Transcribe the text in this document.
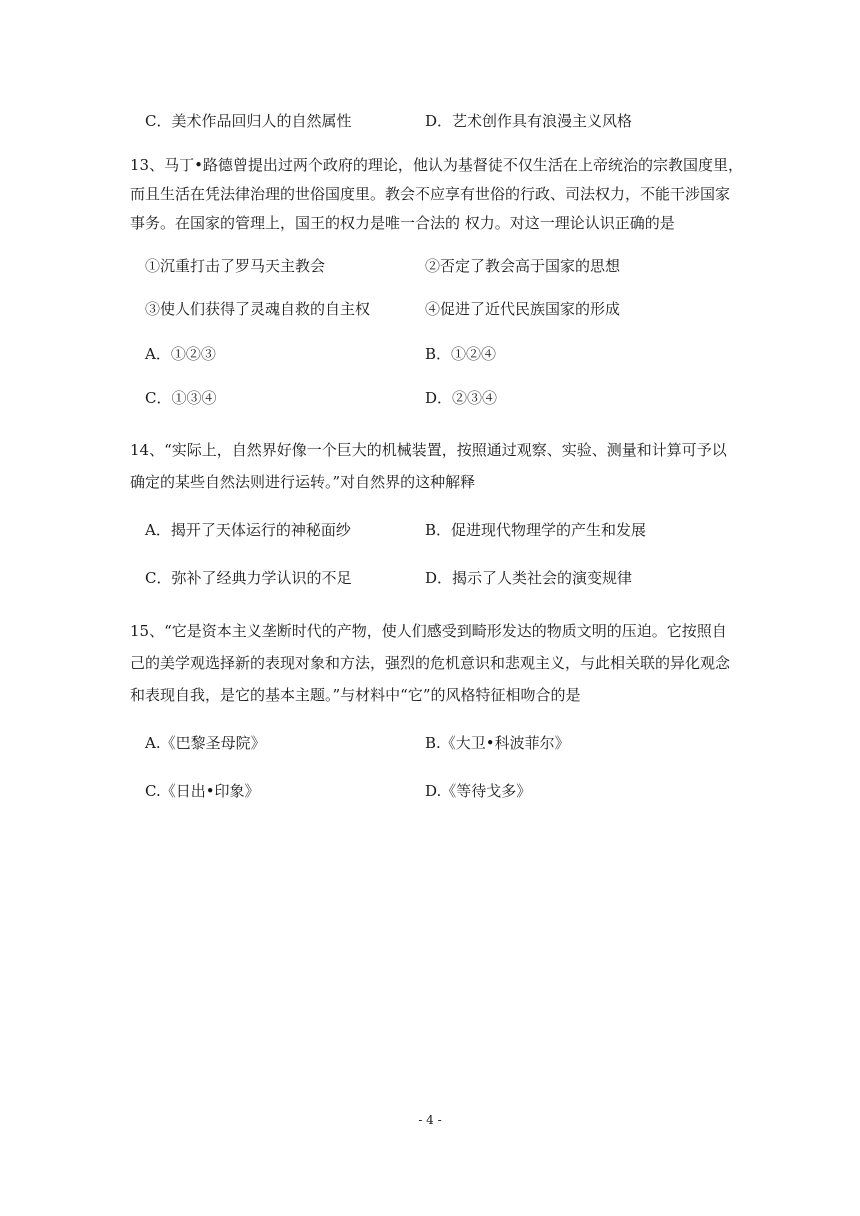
C．美术作品回归人的自然属性	D．艺术创作具有浪漫主义风格
13、马丁•路德曾提出过两个政府的理论，他认为基督徒不仅生活在上帝统治的宗教国度里，
而且生活在凭法律治理的世俗国度里。教会不应享有世俗的行政、司法权力，不能干涉国家
事务。在国家的管理上，国王的权力是唯一合法的 权力。对这一理论认识正确的是
①沉重打击了罗马天主教会	②否定了教会高于国家的思想
③使人们获得了灵魂自救的自主权	④促进了近代民族国家的形成
A．①②③	B．①②④
C．①③④	D．②③④
14、“实际上，自然界好像一个巨大的机械装置，按照通过观察、实验、测量和计算可予以
确定的某些自然法则进行运转。”对自然界的这种解释
A．揭开了天体运行的神秘面纱	B．促进现代物理学的产生和发展
C．弥补了经典力学认识的不足	D．揭示了人类社会的演变规律
15、“它是资本主义垄断时代的产物，使人们感受到畸形发达的物质文明的压迫。它按照自
己的美学观选择新的表现对象和方法，强烈的危机意识和悲观主义，与此相关联的异化观念
和表现自我，是它的基本主题。”与材料中“它”的风格特征相吻合的是
A.《巴黎圣母院》	B.《大卫•科波菲尔》
C.《日出•印象》	D.《等待戈多》
- 4 -
